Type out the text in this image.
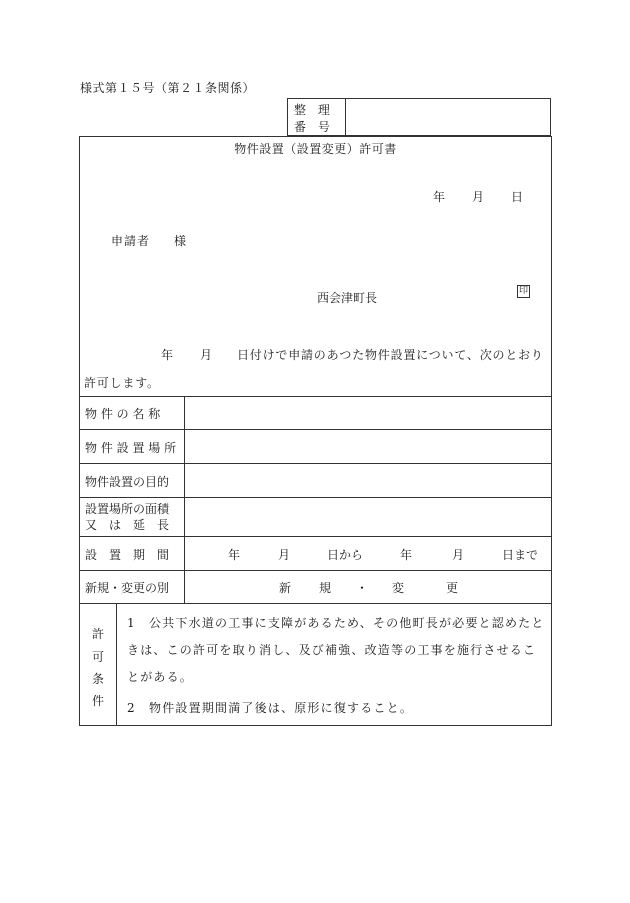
様式第１５号（第２１条関係）
整 理 番 号
物件設置（設置変更）許可書
年 月 日
申請者 様
西会津町長	印
年 月 日付けで申請のあつた物件設置について、次のとおり
許可します。
物 件 の 名 称
物 件 設 置 場 所
物件設置の目的
設置場所の面積
又　は　延　長
設　置　期　間	年	月	日から	年	月	日まで
新規・変更の別	新 規 ・ 変	更
許
可
条
件
1　公共下水道の工事に支障があるため、その他町長が必要と認めたときは、この許可を取り消し、及び補強、改造等の工事を施行させることがある。
2　物件設置期間満了後は、原形に復すること。
